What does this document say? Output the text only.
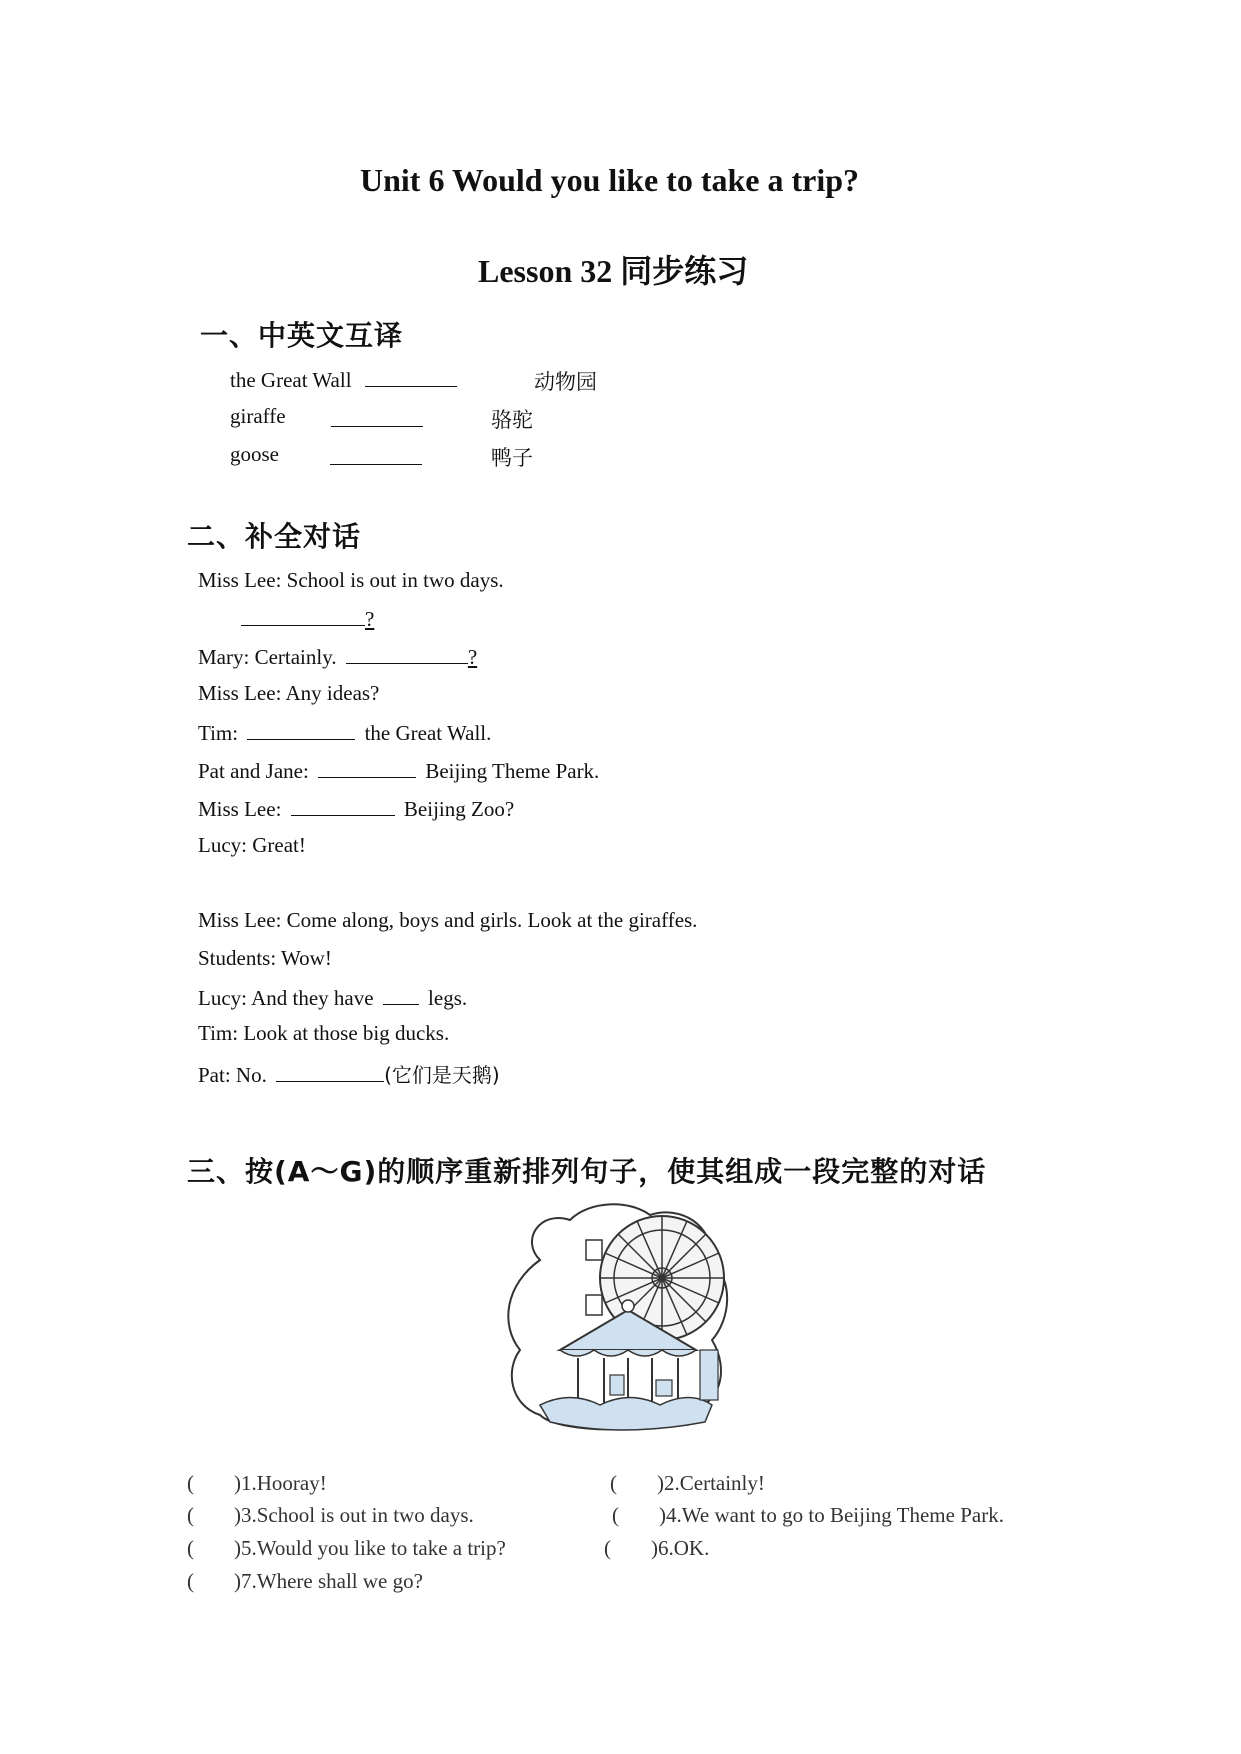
Unit 6 Would you like to take a trip?
Lesson 32 同步练习
一、中英文互译
the Great Wall	动物园
giraffe	骆驼
goose	鸭子
二、补全对话
Miss Lee: School is out in two days.
?
Mary: Certainly.	?
Miss Lee: Any ideas?
Tim:	the Great Wall.
Pat and Jane:	Beijing Theme Park.
Miss Lee:	Beijing Zoo?
Lucy: Great!
Miss Lee: Come along, boys and girls. Look at the giraffes.
Students: Wow!
Lucy: And they have	legs.
Tim: Look at those big ducks.
Pat: No.	(它们是天鹅)
三、按(A～G)的顺序重新排列句子，使其组成一段完整的对话
( )1.Hooray!	( )2.Certainly!
( )3.School is out in two days.	( )4.We want to go to Beijing Theme Park.
( )5.Would you like to take a trip?	( )6.OK.
( )7.Where shall we go?
